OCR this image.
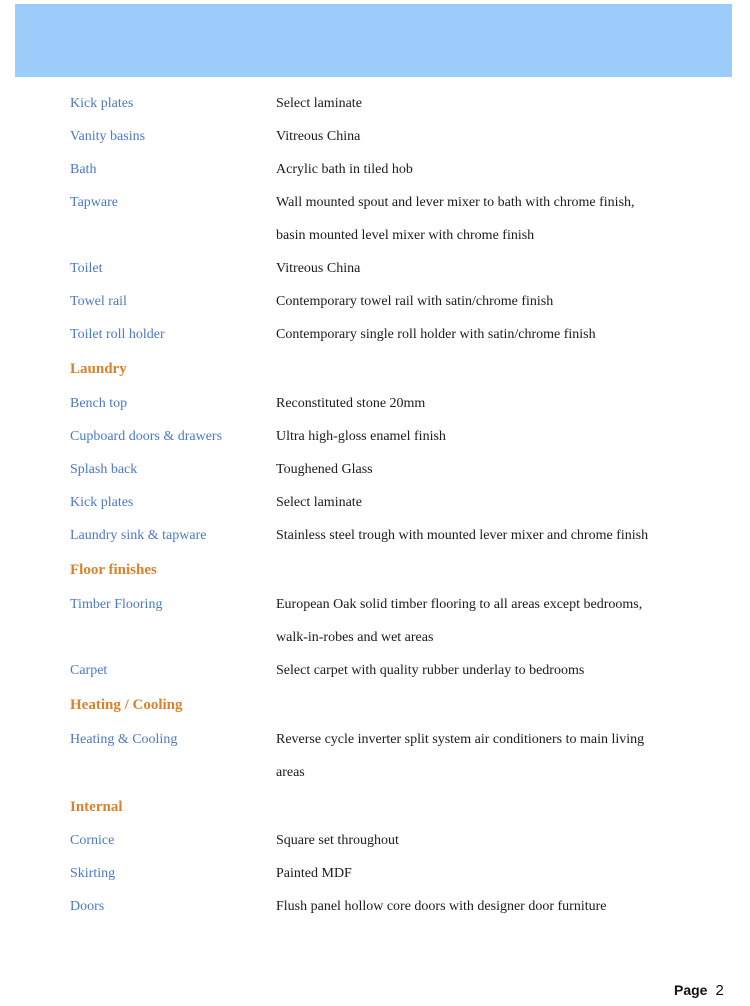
Kick plates	Select laminate
Vanity basins	Vitreous China
Bath	Acrylic bath in tiled hob
Tapware	Wall mounted spout and lever mixer to bath with chrome finish,
basin mounted level mixer with chrome finish
Toilet	Vitreous China
Towel rail	Contemporary towel rail with satin/chrome finish
Toilet roll holder	Contemporary single roll holder with satin/chrome finish
Laundry
Bench top	Reconstituted stone 20mm
Cupboard doors & drawers	Ultra high-gloss enamel finish
Splash back	Toughened Glass
Kick plates	Select laminate
Laundry sink & tapware	Stainless steel trough with mounted lever mixer and chrome finish
Floor finishes
Timber Flooring	European Oak solid timber flooring to all areas except bedrooms,
walk-in-robes and wet areas
Carpet	Select carpet with quality rubber underlay to bedrooms
Heating / Cooling
Heating & Cooling	Reverse cycle inverter split system air conditioners to main living
areas
Internal
Cornice	Square set throughout
Skirting	Painted MDF
Doors	Flush panel hollow core doors with designer door furniture
Page 2
